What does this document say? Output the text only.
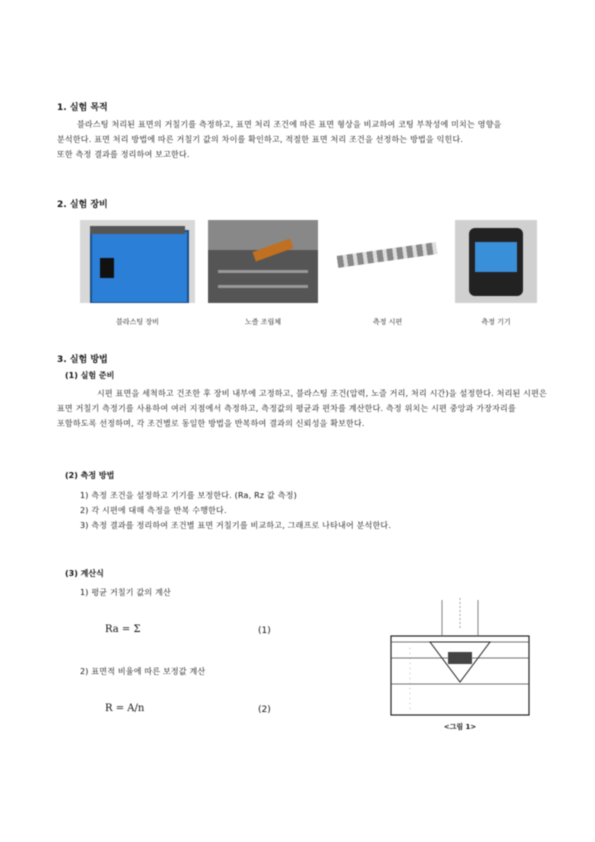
1. 실험 목적
블라스팅 처리된 표면의 거칠기를 측정하고, 표면 처리 조건에 따른 표면 형상을 비교하여 코팅 부착성에 미치는 영향을
분석한다. 표면 처리 방법에 따른 거칠기 값의 차이를 확인하고, 적절한 표면 처리 조건을 선정하는 방법을 익힌다.
또한 측정 결과를 정리하여 보고한다.
2. 실험 장비
블라스팅 장비	노즐 조립체	측정 시편	측정 기기
3. 실험 방법
(1) 실험 준비
시편 표면을 세척하고 건조한 후 장비 내부에 고정하고, 블라스팅 조건(압력, 노즐 거리, 처리 시간)을 설정한다. 처리된 시편은
표면 거칠기 측정기를 사용하여 여러 지점에서 측정하고, 측정값의 평균과 편차를 계산한다. 측정 위치는 시편 중앙과 가장자리를
포함하도록 선정하며, 각 조건별로 동일한 방법을 반복하여 결과의 신뢰성을 확보한다.
(2) 측정 방법
1) 측정 조건을 설정하고 기기를 보정한다. (Ra, Rz 값 측정)
2) 각 시편에 대해 측정을 반복 수행한다.
3) 측정 결과를 정리하여 조건별 표면 거칠기를 비교하고, 그래프로 나타내어 분석한다.
(3) 계산식
1) 평균 거칠기 값의 계산
Ra = Σ	(1)
2) 표면적 비율에 따른 보정값 계산
R = A/n	(2)
<그림 1>
